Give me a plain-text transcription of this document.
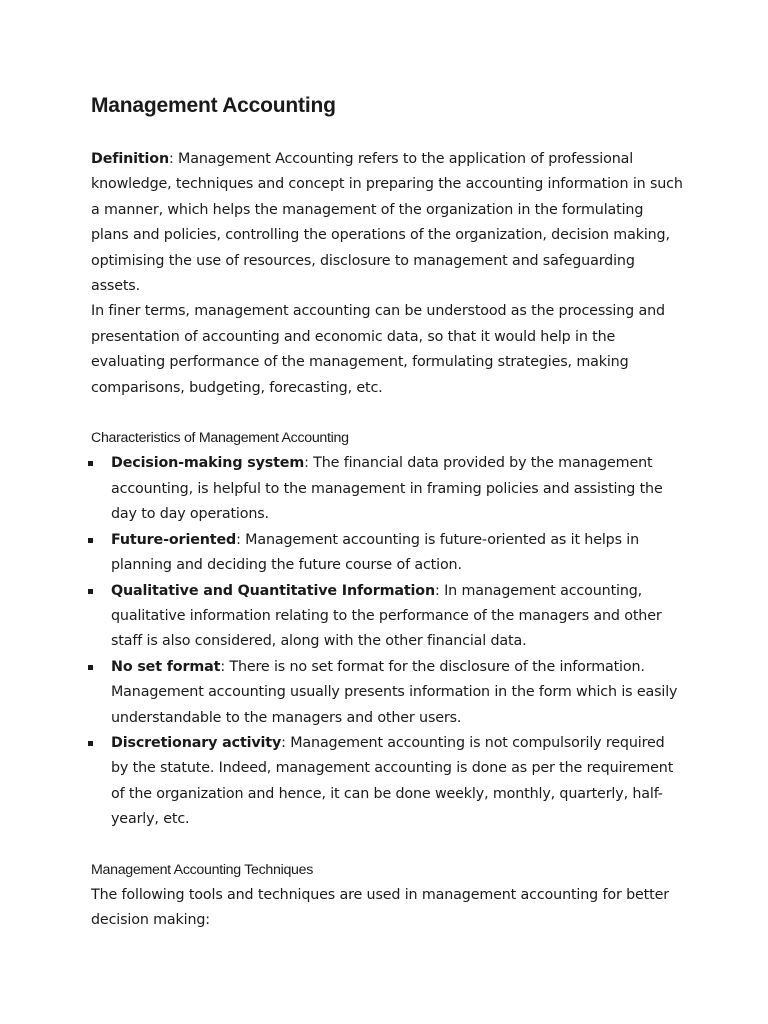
Management Accounting

Definition: Management Accounting refers to the application of professional knowledge, techniques and concept in preparing the accounting information in such a manner, which helps the management of the organization in the formulating plans and policies, controlling the operations of the organization, decision making, optimising the use of resources, disclosure to management and safeguarding assets.

In finer terms, management accounting can be understood as the processing and presentation of accounting and economic data, so that it would help in the evaluating performance of the management, formulating strategies, making comparisons, budgeting, forecasting, etc.

Characteristics of Management Accounting
Decision-making system: The financial data provided by the management accounting, is helpful to the management in framing policies and assisting the day to day operations.
Future-oriented: Management accounting is future-oriented as it helps in planning and deciding the future course of action.
Qualitative and Quantitative Information: In management accounting, qualitative information relating to the performance of the managers and other staff is also considered, along with the other financial data.
No set format: There is no set format for the disclosure of the information. Management accounting usually presents information in the form which is easily understandable to the managers and other users.
Discretionary activity: Management accounting is not compulsorily required by the statute. Indeed, management accounting is done as per the requirement of the organization and hence, it can be done weekly, monthly, quarterly, half-yearly, etc.
Management Accounting Techniques

The following tools and techniques are used in management accounting for better decision making:
